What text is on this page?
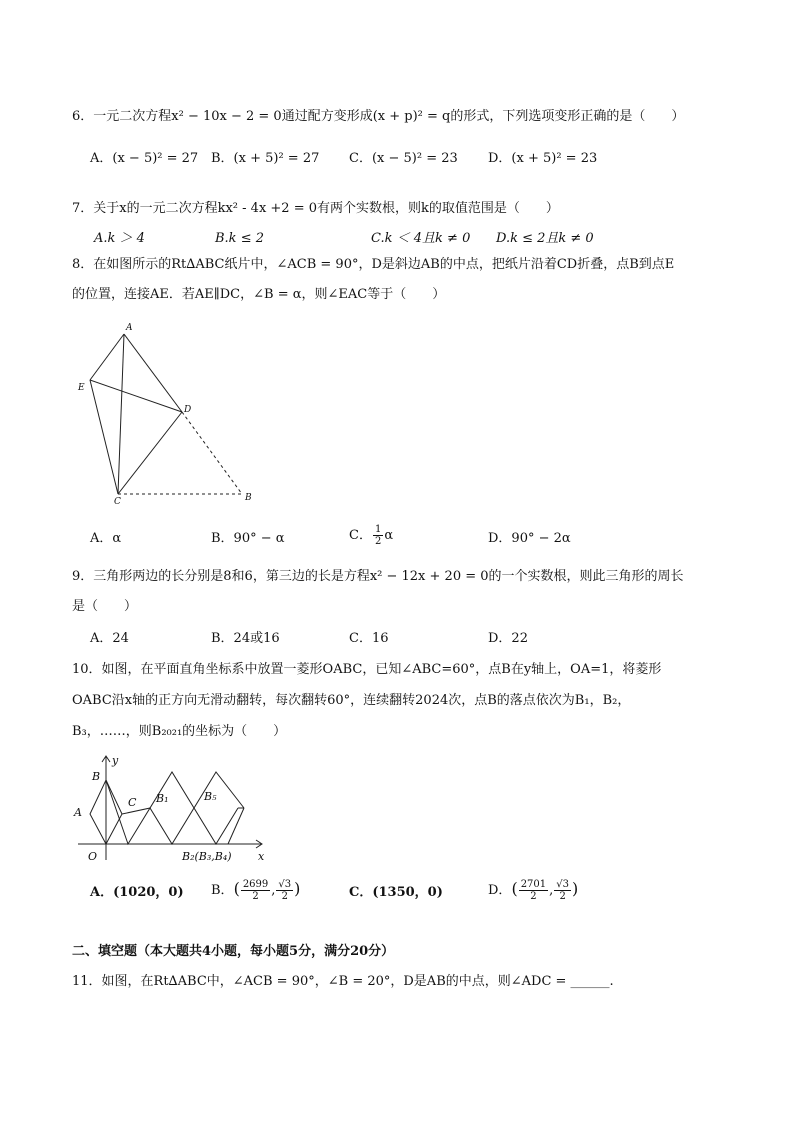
6．一元二次方程x² − 10x − 2 = 0通过配方变形成(x + p)² = q的形式，下列选项变形正确的是（　　）
A．(x − 5)² = 27 B．(x + 5)² = 27 C．(x − 5)² = 23 D．(x + 5)² = 23
7．关于x的一元二次方程kx² - 4x +2 = 0有两个实数根，则k的取值范围是（　　）
A.k ＞ 4	B.k ≤ 2	C.k ＜ 4且k ≠ 0 D.k ≤ 2且k ≠ 0
8．在如图所示的Rt∆ABC纸片中，∠ACB = 90°，D是斜边AB的中点，把纸片沿着CD折叠，点B到点E
的位置，连接AE．若AE∥DC，∠B = α，则∠EAC等于（　　）
A
E
D
C	B
A．α	B．90° − α	C． $\frac{1}{2}$ α	D．90° − 2α
9．三角形两边的长分别是8和6，第三边的长是方程x² − 12x + 20 = 0的一个实数根，则此三角形的周长
是（　　）
A．24	B．24或16	C．16	D．22
10．如图，在平面直角坐标系中放置一菱形OABC，已知∠ABC=60°，点B在y轴上，OA=1，将菱形
OABC沿x轴的正方向无滑动翻转，每次翻转60°，连续翻转2024次，点B的落点依次为B₁，B₂，
B₃，……，则B₂₀₂₁的坐标为（　　）
y
x
B
A
C
O
B₁	B₅
B₂(B₃,B₄)
A．(1020，0) B．( $\frac{2699}{2}$ , $\frac{√3}{2}$ )	C．(1350，0)	D．( $\frac{2701}{2}$ , $\frac{√3}{2}$ )
二、填空题（本大题共4小题，每小题5分，满分20分）
11．如图，在Rt∆ABC中，∠ACB = 90°，∠B = 20°，D是AB的中点，则∠ADC = ______.
